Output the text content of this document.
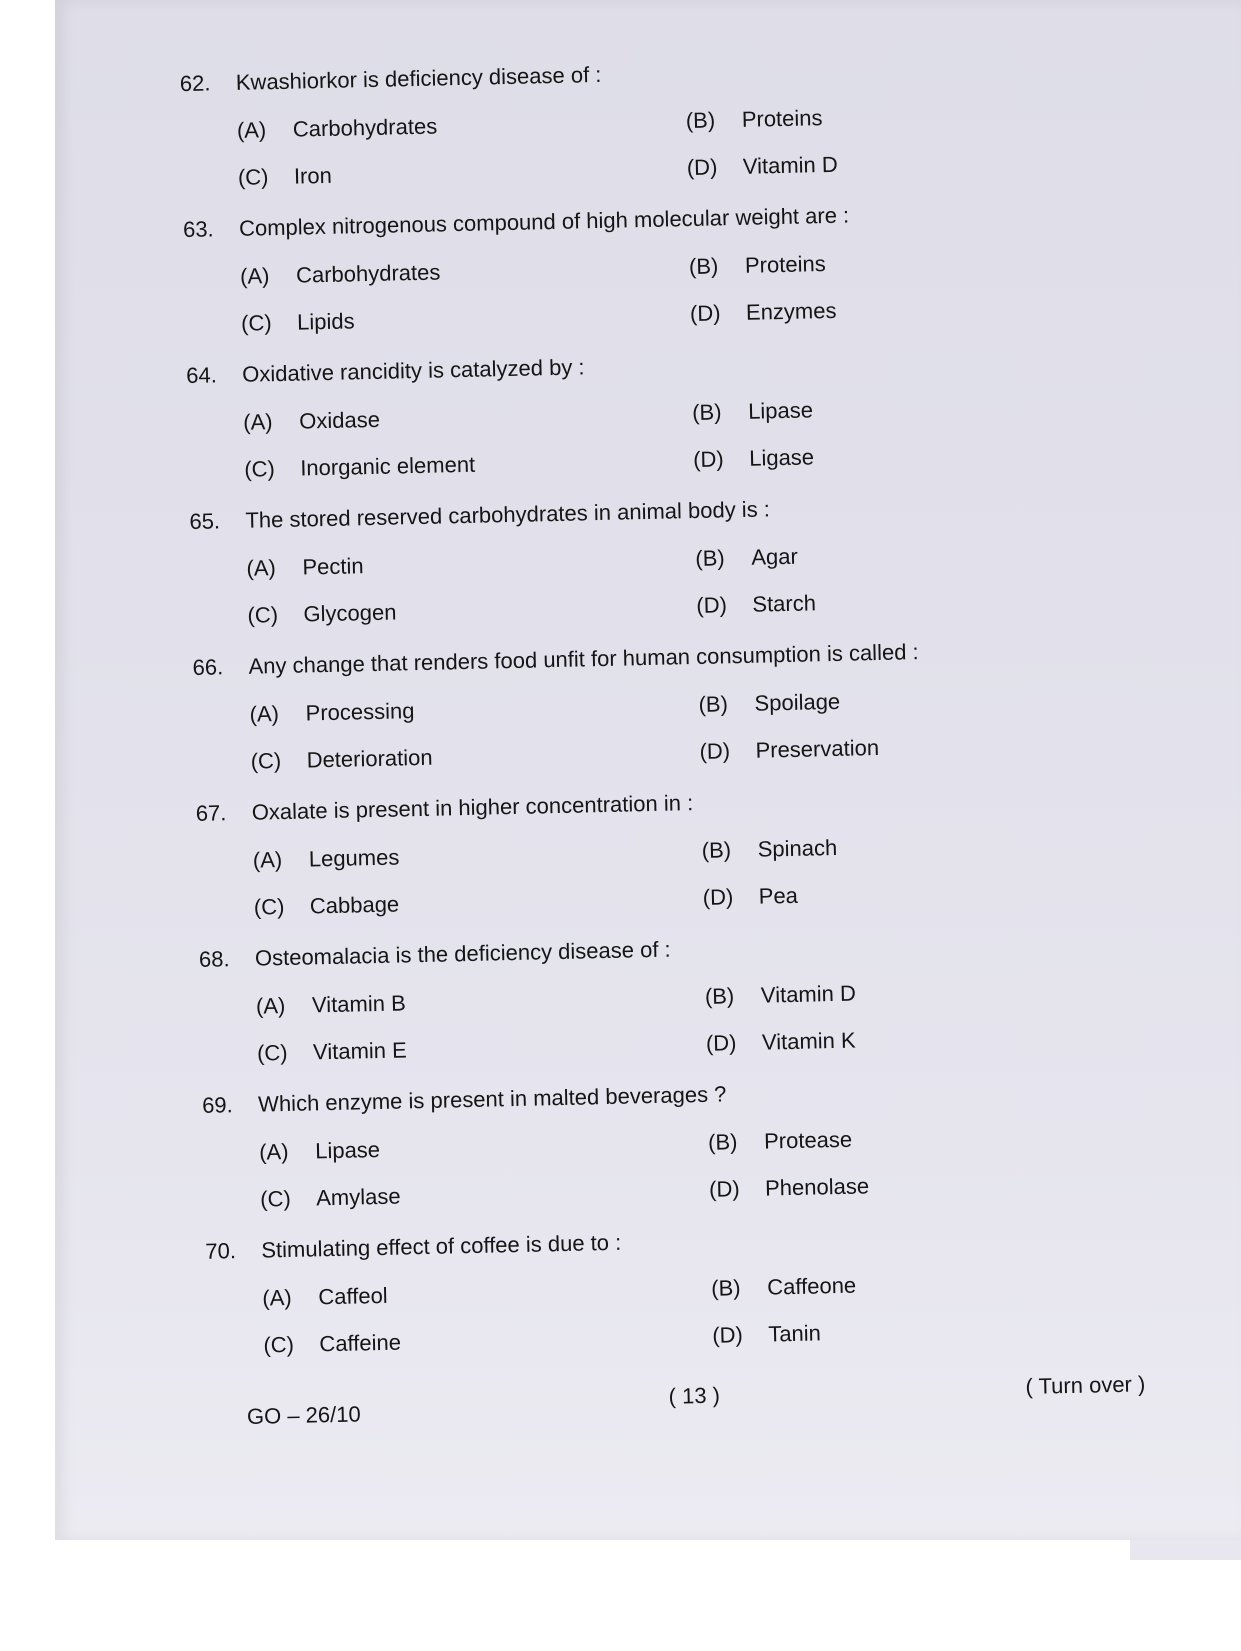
62. Kwashiorkor is deficiency disease of :
(A) Carbohydrates	(B) Proteins
(C) Iron	(D) Vitamin D
63. Complex nitrogenous compound of high molecular weight are :
(A) Carbohydrates	(B) Proteins
(C) Lipids	(D) Enzymes
64. Oxidative rancidity is catalyzed by :
(A) Oxidase	(B) Lipase
(C) Inorganic element	(D) Ligase
65. The stored reserved carbohydrates in animal body is :
(A) Pectin	(B) Agar
(C) Glycogen	(D) Starch
66. Any change that renders food unfit for human consumption is called :
(A) Processing	(B) Spoilage
(C) Deterioration	(D) Preservation
67. Oxalate is present in higher concentration in :
(A) Legumes	(B) Spinach
(C) Cabbage	(D) Pea
68. Osteomalacia is the deficiency disease of :
(A) Vitamin B	(B) Vitamin D
(C) Vitamin E	(D) Vitamin K
69. Which enzyme is present in malted beverages ?
(A) Lipase	(B) Protease
(C) Amylase	(D) Phenolase
70. Stimulating effect of coffee is due to :
(A) Caffeol	(B) Caffeone
(C) Caffeine	(D) Tanin
GO – 26/10
( 13 )	( Turn over )
